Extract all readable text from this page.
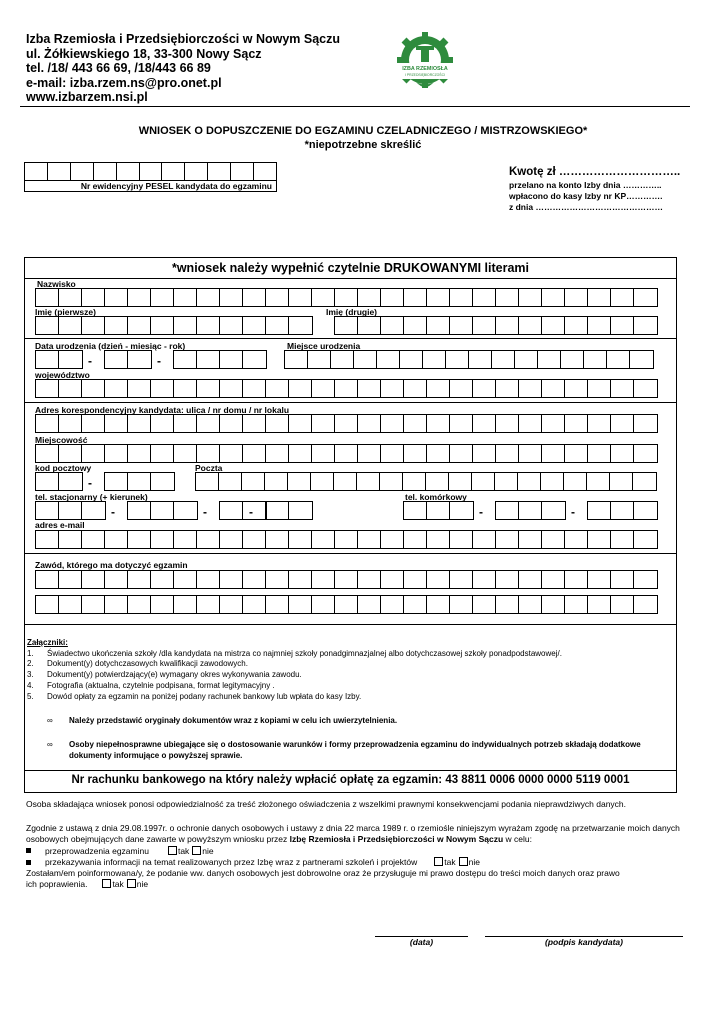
Izba Rzemiosła i Przedsiębiorczości w Nowym Sączu
ul. Żółkiewskiego 18, 33-300 Nowy Sącz
tel. /18/ 443 66 69, /18/443 66 89
e-mail: izba.rzem.ns@pro.onet.pl
www.izbarzem.nsi.pl
IZBA RZEMIOSŁA
I PRZEDSIĘBIORCZOŚCI
WNIOSEK O DOPUSZCZENIE DO EGZAMINU CZELADNICZEGO / MISTRZOWSKIEGO*
*niepotrzebne skreślić
Nr ewidencyjny PESEL kandydata do egzaminu
Kwotę zł …………………………..
przelano na konto Izby dnia …………..
wpłacono do kasy Izby nr KP………….
z dnia ………………………………………
*wniosek należy wypełnić czytelnie DRUKOWANYMI literami
Nazwisko
Imię (pierwsze)	Imię (drugie)
Data urodzenia (dzień - miesiąc - rok)	Miejsce urodzenia
-	-
województwo
Adres korespondencyjny kandydata: ulica / nr domu / nr lokalu
Miejscowość
kod pocztowy	Poczta
-
tel. stacjonarny (+ kierunek)	tel. komórkowy
-	-	-	-	-
adres e-mail
Zawód, którego ma dotyczyć egzamin
Załączniki:
1.	Świadectwo ukończenia szkoły /dla kandydata na mistrza co najmniej szkoły ponadgimnazjalnej albo dotychczasowej szkoły ponadpodstawowej/.
2.	Dokument(y) dotychczasowych kwalifikacji zawodowych.
3.	Dokument(y) potwierdzający(e) wymagany okres wykonywania zawodu.
4.	Fotografia (aktualna, czytelnie podpisana, format legitymacyjny .
5.	Dowód opłaty za egzamin na poniżej podany rachunek bankowy lub wpłata do kasy Izby.
∞	Należy przedstawić oryginały dokumentów wraz z kopiami w celu ich uwierzytelnienia.
∞	Osoby niepełnosprawne ubiegające się o dostosowanie warunków i formy przeprowadzenia egzaminu do indywidualnych potrzeb składają dodatkowe dokumenty informujące o powyższej sprawie.
Nr rachunku bankowego na który należy wpłacić opłatę za egzamin: 43 8811 0006 0000 0000 5119 0001
Osoba składająca wniosek ponosi odpowiedzialność za treść złożonego oświadczenia z wszelkimi prawnymi konsekwencjami podania nieprawdziwych danych.
Zgodnie z ustawą z dnia 29.08.1997r. o ochronie danych osobowych i ustawy z dnia 22 marca 1989 r. o rzemiośle niniejszym wyrażam zgodę na przetwarzanie moich danych osobowych obejmujących dane zawarte w powyższym wniosku przez Izbę Rzemiosła i Przedsiębiorczości w Nowym Sączu w celu:
przeprowadzenia egzaminu	tak nie
przekazywania informacji na temat realizowanych przez Izbę wraz z partnerami szkoleń i projektów	tak nie
Zostałam/em poinformowana/y, że podanie ww. danych osobowych jest dobrowolne oraz że przysługuje mi prawo dostępu do treści moich danych oraz prawo ich poprawienia.	tak nie
(data)	(podpis kandydata)
